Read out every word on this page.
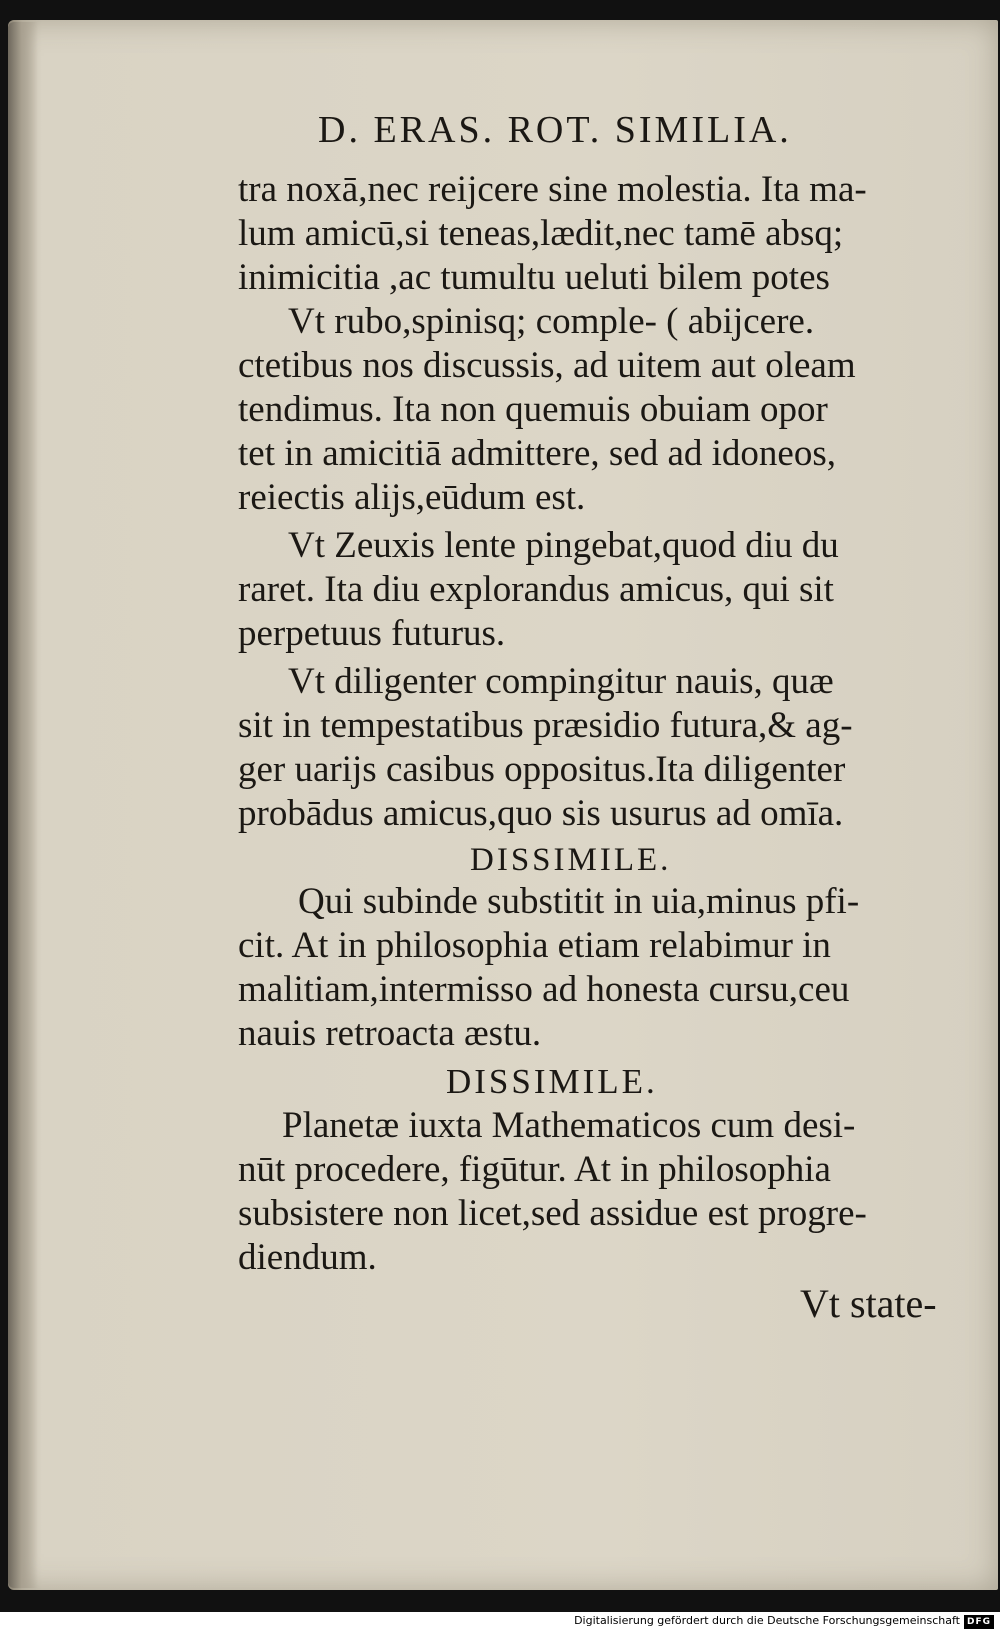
D. ERAS. ROT. SIMILIA.
tra noxā,nec reijcere sine molestia. Ita ma-
lum amicū,si teneas,lædit,nec tamē absq;
inimicitia ,ac tumultu ueluti bilem potes
Vt rubo,spinisq; comple- ( abijcere.
ctetibus nos discussis, ad uitem aut oleam
tendimus. Ita non quemuis obuiam opor
tet in amicitiā admittere, sed ad idoneos,
reiectis alijs,eūdum est.
Vt Zeuxis lente pingebat,quod diu du
raret. Ita diu explorandus amicus, qui sit
perpetuus futurus.
Vt diligenter compingitur nauis, quæ
sit in tempestatibus præsidio futura,& ag-
ger uarijs casibus oppositus.Ita diligenter
probādus amicus,quo sis usurus ad omīa.
DISSIMILE.
Qui subinde substitit in uia,minus pfi-
cit. At in philosophia etiam relabimur in
malitiam,intermisso ad honesta cursu,ceu
nauis retroacta æstu.
DISSIMILE.
Planetæ iuxta Mathematicos cum desi-
nūt procedere, figūtur. At in philosophia
subsistere non licet,sed assidue est progre-
diendum.
Vt state-
Digitalisierung gefördert durch die Deutsche Forschungsgemeinschaft DFG
